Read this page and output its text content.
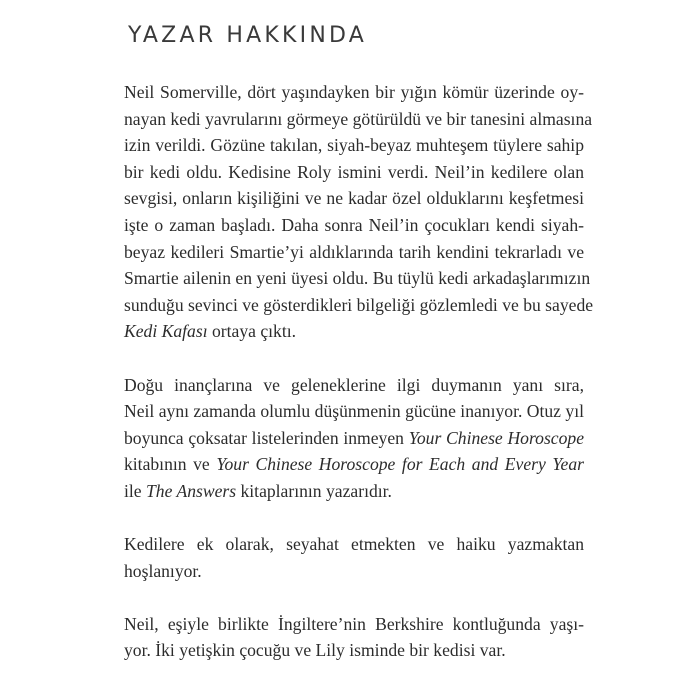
YAZAR HAKKINDA

Neil Somerville, dört yaşındayken bir yığın kömür üzerinde oy-
nayan kedi yavrularını görmeye götürüldü ve bir tanesini almasına
izin verildi. Gözüne takılan, siyah-beyaz muhteşem tüylere sahip
bir kedi oldu. Kedisine Roly ismini verdi. Neil’in kedilere olan
sevgisi, onların kişiliğini ve ne kadar özel olduklarını keşfetmesi
işte o zaman başladı. Daha sonra Neil’in çocukları kendi siyah-
beyaz kedileri Smartie’yi aldıklarında tarih kendini tekrarladı ve
Smartie ailenin en yeni üyesi oldu. Bu tüylü kedi arkadaşlarımızın
sunduğu sevinci ve gösterdikleri bilgeliği gözlemledi ve bu sayede
Kedi Kafası ortaya çıktı.

Doğu inançlarına ve geleneklerine ilgi duymanın yanı sıra,
Neil aynı zamanda olumlu düşünmenin gücüne inanıyor. Otuz yıl
boyunca çoksatar listelerinden inmeyen Your Chinese Horoscope
kitabının ve Your Chinese Horoscope for Each and Every Year
ile The Answers kitaplarının yazarıdır.

Kedilere ek olarak, seyahat etmekten ve haiku yazmaktan
hoşlanıyor.

Neil, eşiyle birlikte İngiltere’nin Berkshire kontluğunda yaşı-
yor. İki yetişkin çocuğu ve Lily isminde bir kedisi var.
